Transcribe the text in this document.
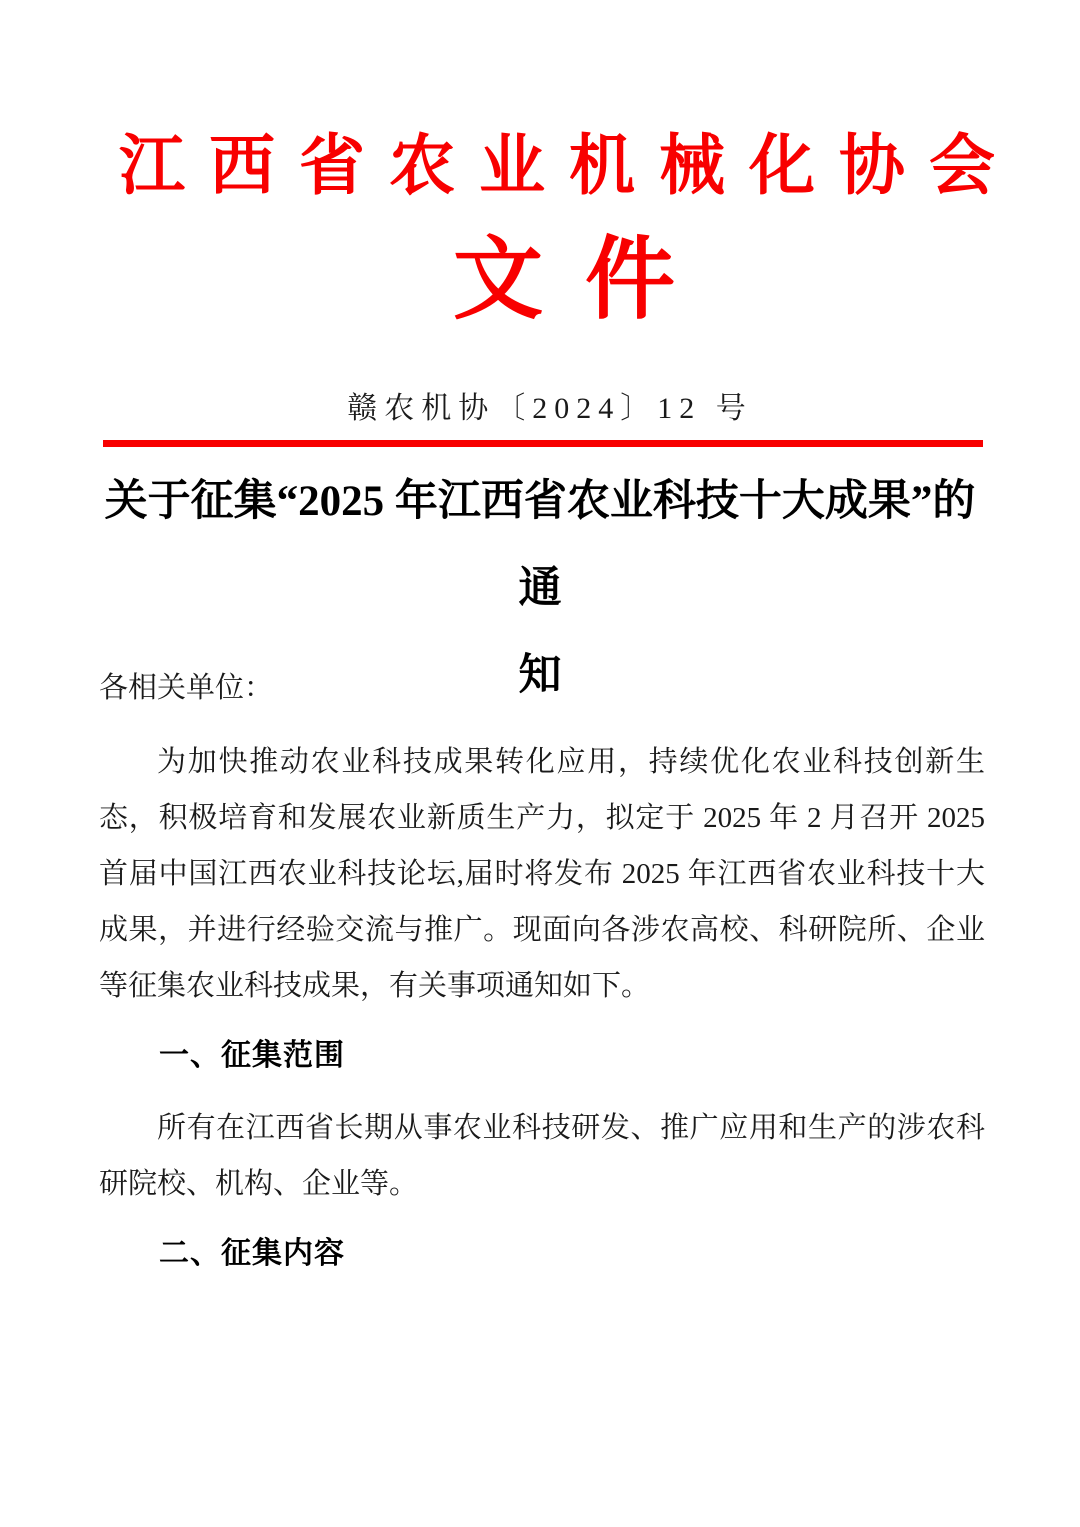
江西省农业机械化协会
文件
赣农机协〔2024〕12 号
关于征集“2025 年江西省农业科技十大成果”的通
知

各相关单位：

为加快推动农业科技成果转化应用，持续优化农业科技创新生态，积极培育和发展农业新质生产力，拟定于 2025 年 2 月召开 2025 首届中国江西农业科技论坛,届时将发布 2025 年江西省农业科技十大成果，并进行经验交流与推广。现面向各涉农高校、科研院所、企业等征集农业科技成果，有关事项通知如下。

一、征集范围

所有在江西省长期从事农业科技研发、推广应用和生产的涉农科研院校、机构、企业等。

二、征集内容
